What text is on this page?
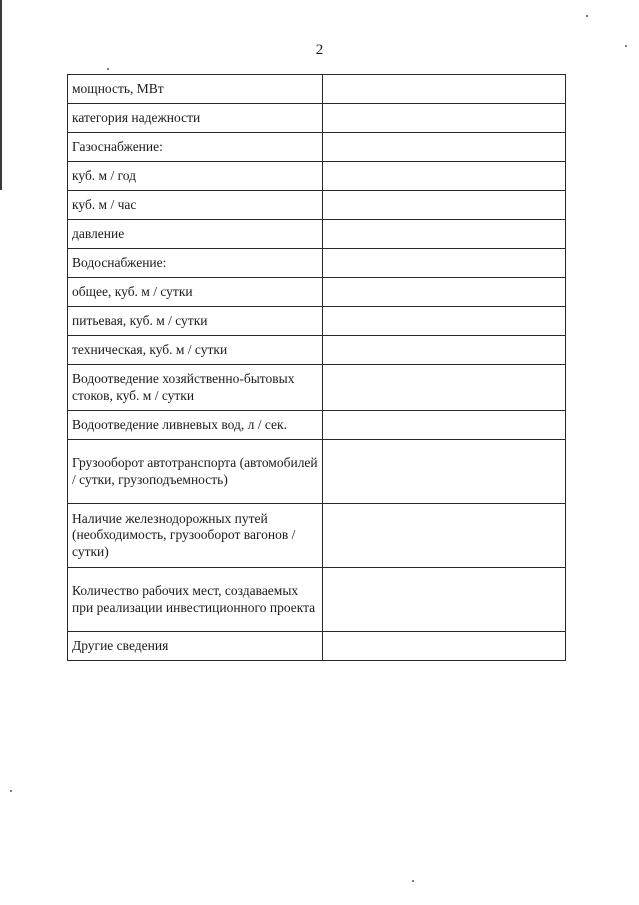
2
мощность, МВт	
категория надежности	
Газоснабжение:	
куб. м / год	
куб. м / час	
давление	
Водоснабжение:	
общее, куб. м / сутки	
питьевая, куб. м / сутки	
техническая, куб. м / сутки	
Водоотведение хозяйственно-бытовых стоков, куб. м / сутки	
Водоотведение ливневых вод, л / сек.	
Грузооборот автотранспорта (автомобилей / сутки, грузоподъемность)	
Наличие железнодорожных путей (необходимость, грузооборот вагонов / сутки)	
Количество рабочих мест, создаваемых при реализации инвестиционного проекта	
Другие сведения	
